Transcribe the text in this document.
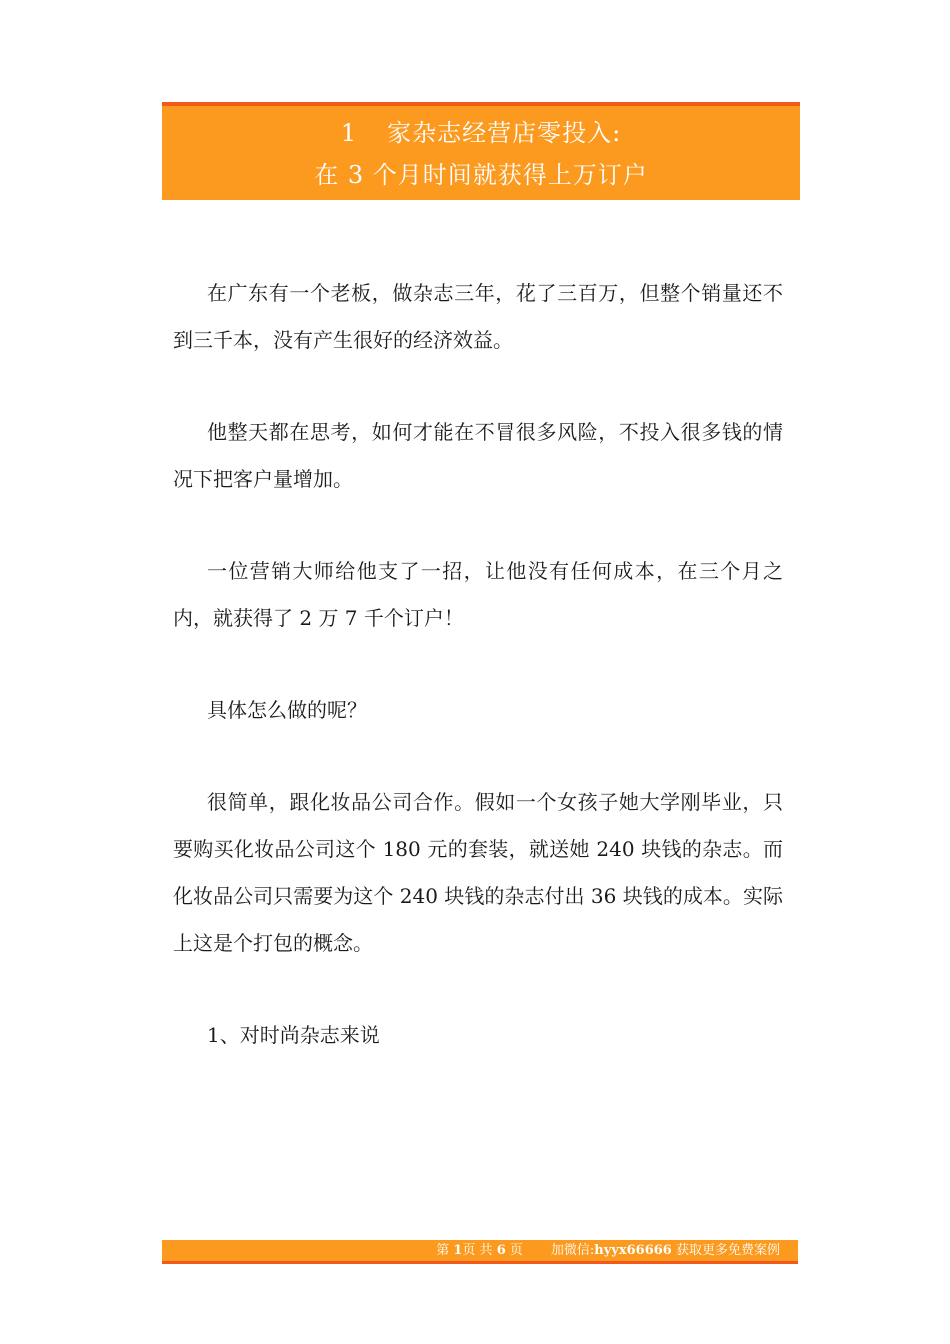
1 家杂志经营店零投入:
在 3 个月时间就获得上万订户

在广东有一个老板，做杂志三年，花了三百万，但整个销量还不到三千本，没有产生很好的经济效益。

他整天都在思考，如何才能在不冒很多风险，不投入很多钱的情况下把客户量增加。

一位营销大师给他支了一招，让他没有任何成本，在三个月之内，就获得了 2 万 7 千个订户！

具体怎么做的呢？

很简单，跟化妆品公司合作。假如一个女孩子她大学刚毕业，只要购买化妆品公司这个 180 元的套装，就送她 240 块钱的杂志。而化妆品公司只需要为这个 240 块钱的杂志付出 36 块钱的成本。实际上这是个打包的概念。

1、对时尚杂志来说

第 1页 共 6 页 加微信:hyyx66666 获取更多免费案例
